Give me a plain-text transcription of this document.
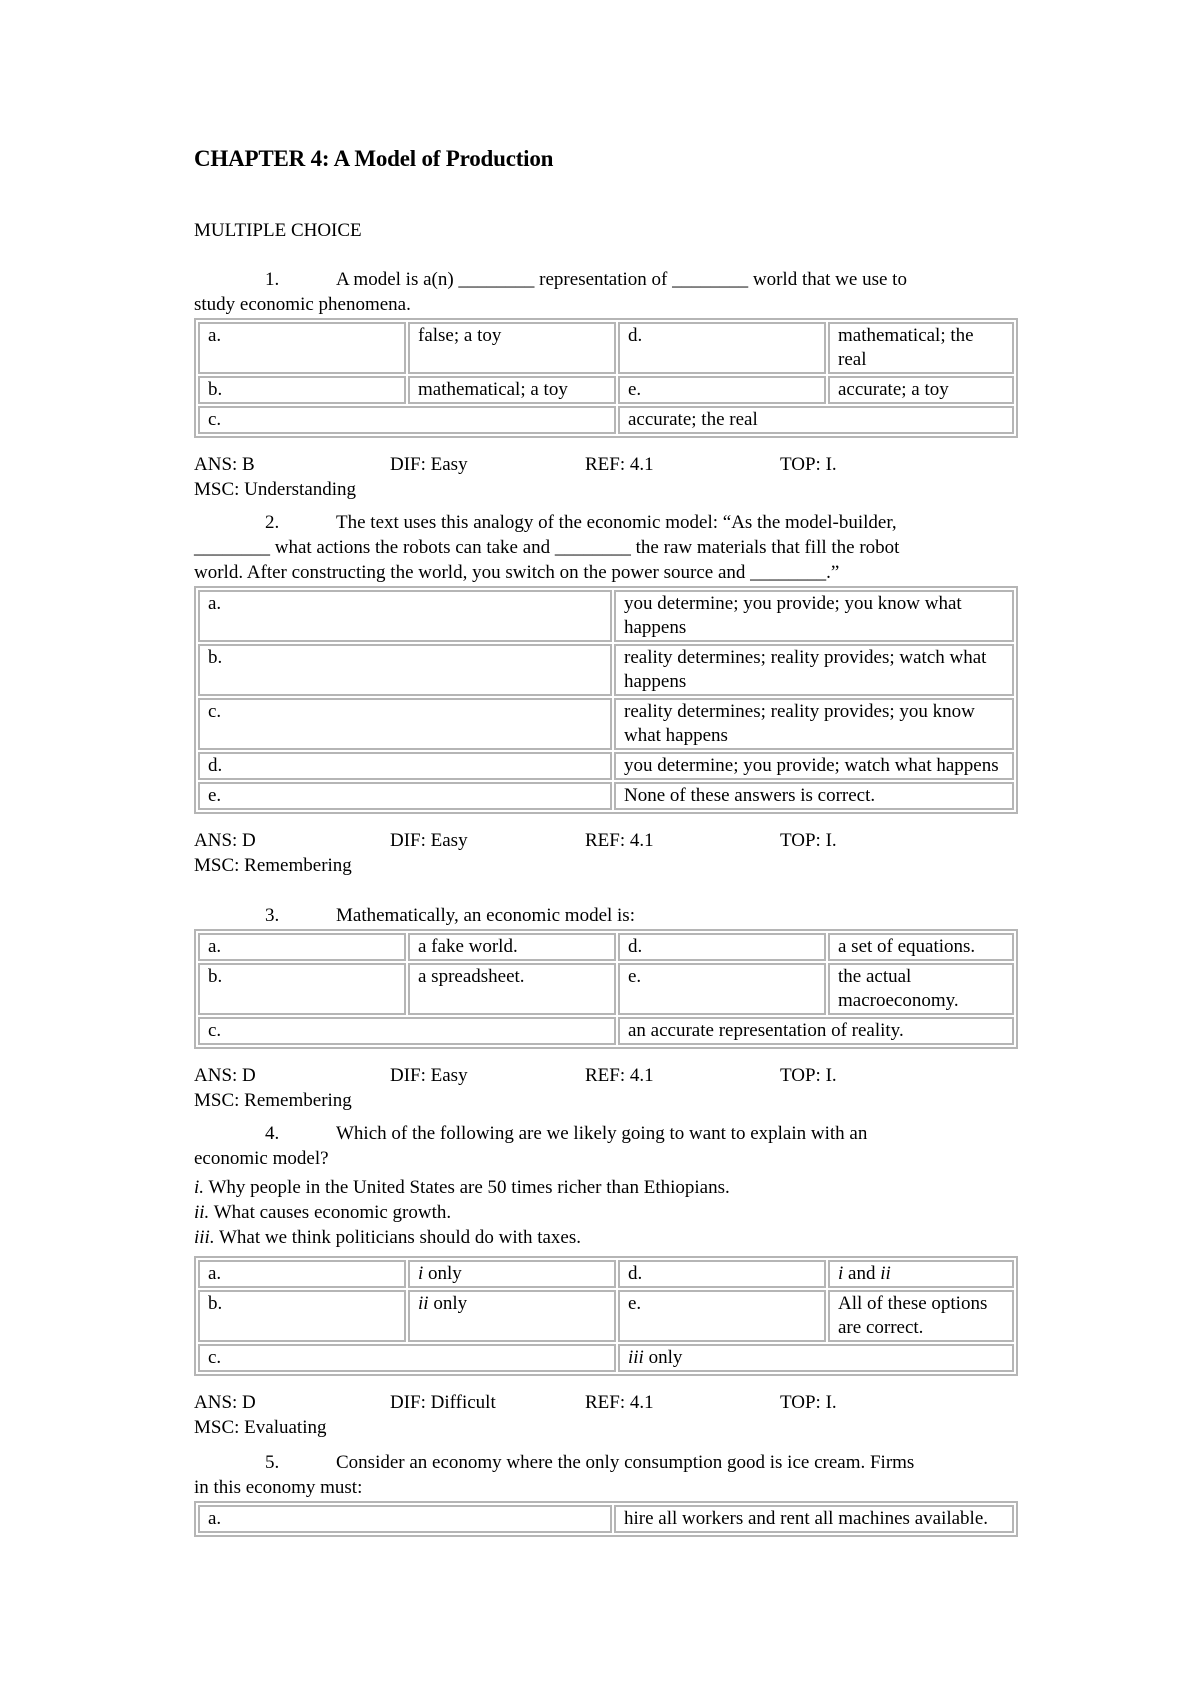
CHAPTER 4: A Model of Production
MULTIPLE CHOICE

1.	A model is a(n) ________ representation of ________ world that we use to
study economic phenomena.

a.	false; a toy	d.	mathematical; the real
b.	mathematical; a toy	e.	accurate; a toy
c.		accurate; the real	
ANS: B	DIF: Easy	REF: 4.1	TOP: I.
MSC: Understanding

2.	The text uses this analogy of the economic model: “As the model-builder,
________ what actions the robots can take and ________ the raw materials that fill the robot
world. After constructing the world, you switch on the power source and ________.”

a.	you determine; you provide; you know what happens
b.	reality determines; reality provides; watch what happens
c.	reality determines; reality provides; you know what happens
d.	you determine; you provide; watch what happens
e.	None of these answers is correct.
ANS: D	DIF: Easy	REF: 4.1	TOP: I.
MSC: Remembering

3.	Mathematically, an economic model is:

a.	a fake world.	d.	a set of equations.
b.	a spreadsheet.	e.	the actual macroeconomy.
c.		an accurate representation of reality.	
ANS: D	DIF: Easy	REF: 4.1	TOP: I.
MSC: Remembering

4.	Which of the following are we likely going to want to explain with an
economic model?

i. Why people in the United States are 50 times richer than Ethiopians.

ii. What causes economic growth.

iii. What we think politicians should do with taxes.

a.	i only	d.	i and ii
b.	ii only	e.	All of these options are correct.
c.		iii only	
ANS: D	DIF: Difficult	REF: 4.1	TOP: I.
MSC: Evaluating

5.	Consider an economy where the only consumption good is ice cream. Firms
in this economy must:

a.	hire all workers and rent all machines available.
